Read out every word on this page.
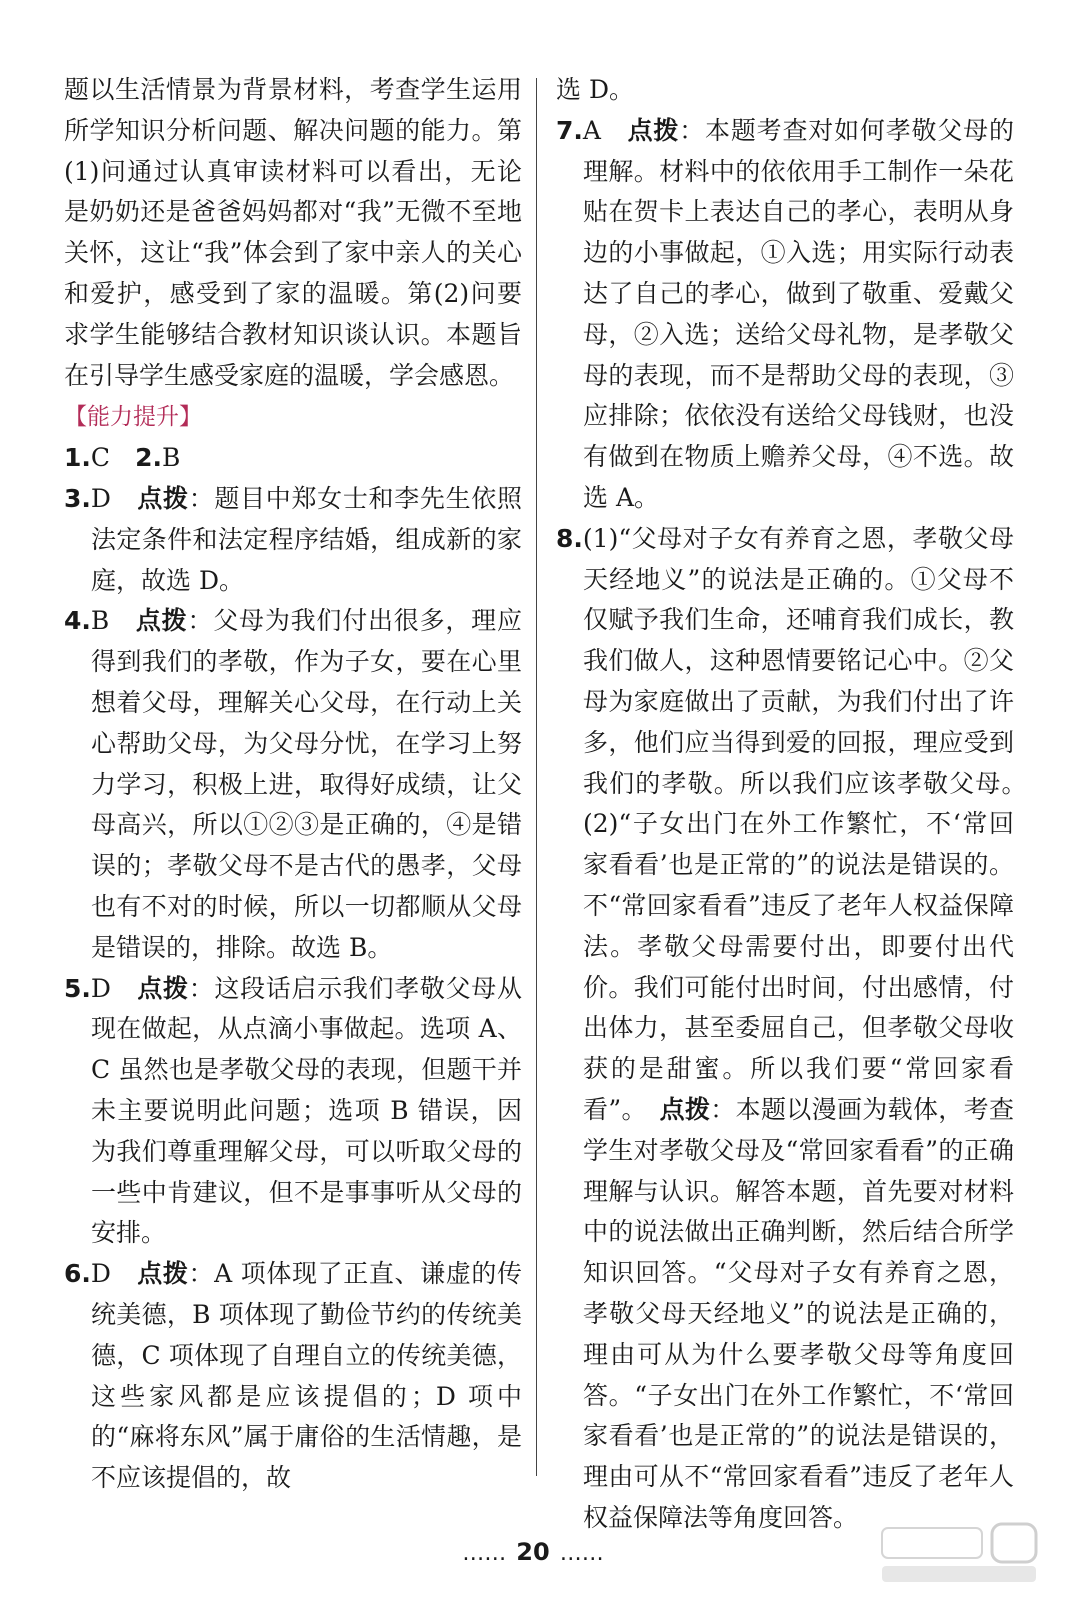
题以生活情景为背景材料，考查学生运用所学知识分析问题、解决问题的能力。第(1)问通过认真审读材料可以看出，无论是奶奶还是爸爸妈妈都对“我”无微不至地关怀，这让“我”体会到了家中亲人的关心和爱护，感受到了家的温暖。第(2)问要求学生能够结合教材知识谈认识。本题旨在引导学生感受家庭的温暖，学会感恩。

【能力提升】

1.C　 2.B

3.D　 点拨：题目中郑女士和李先生依照法定条件和法定程序结婚，组成新的家庭，故选 D。

4.B　 点拨：父母为我们付出很多，理应得到我们的孝敬，作为子女，要在心里想着父母，理解关心父母，在行动上关心帮助父母，为父母分忧，在学习上努力学习，积极上进，取得好成绩，让父母高兴，所以①②③是正确的，④是错误的；孝敬父母不是古代的愚孝，父母也有不对的时候，所以一切都顺从父母是错误的，排除。故选 B。

5.D　 点拨：这段话启示我们孝敬父母从现在做起，从点滴小事做起。选项 A、C 虽然也是孝敬父母的表现，但题干并未主要说明此问题；选项 B 错误，因为我们尊重理解父母，可以听取父母的一些中肯建议，但不是事事听从父母的安排。

6.D　 点拨：A 项体现了正直、谦虚的传统美德，B 项体现了勤俭节约的传统美德，C 项体现了自理自立的传统美德，这些家风都是应该提倡的；D 项中的“麻将东风”属于庸俗的生活情趣，是不应该提倡的，故

选 D。

7.A　 点拨：本题考查对如何孝敬父母的理解。材料中的依依用手工制作一朵花贴在贺卡上表达自己的孝心，表明从身边的小事做起，①入选；用实际行动表达了自己的孝心，做到了敬重、爱戴父母，②入选；送给父母礼物，是孝敬父母的表现，而不是帮助父母的表现，③应排除；依依没有送给父母钱财，也没有做到在物质上赡养父母，④不选。故选 A。

8.(1)“父母对子女有养育之恩，孝敬父母天经地义”的说法是正确的。①父母不仅赋予我们生命，还哺育我们成长，教我们做人，这种恩情要铭记心中。②父母为家庭做出了贡献，为我们付出了许多，他们应当得到爱的回报，理应受到我们的孝敬。所以我们应该孝敬父母。　(2)“子女出门在外工作繁忙，不‘常回家看看’也是正常的”的说法是错误的。不“常回家看看”违反了老年人权益保障法。孝敬父母需要付出，即要付出代价。我们可能付出时间，付出感情，付出体力，甚至委屈自己，但孝敬父母收获的是甜蜜。所以我们要“常回家看看”。　点拨：本题以漫画为载体，考查学生对孝敬父母及“常回家看看”的正确理解与认识。解答本题，首先要对材料中的说法做出正确判断，然后结合所学知识回答。“父母对子女有养育之恩，孝敬父母天经地义”的说法是正确的，理由可从为什么要孝敬父母等角度回答。“子女出门在外工作繁忙，不‘常回家看看’也是正常的”的说法是错误的，理由可从不“常回家看看”违反了老年人权益保障法等角度回答。

…… 20 ……
